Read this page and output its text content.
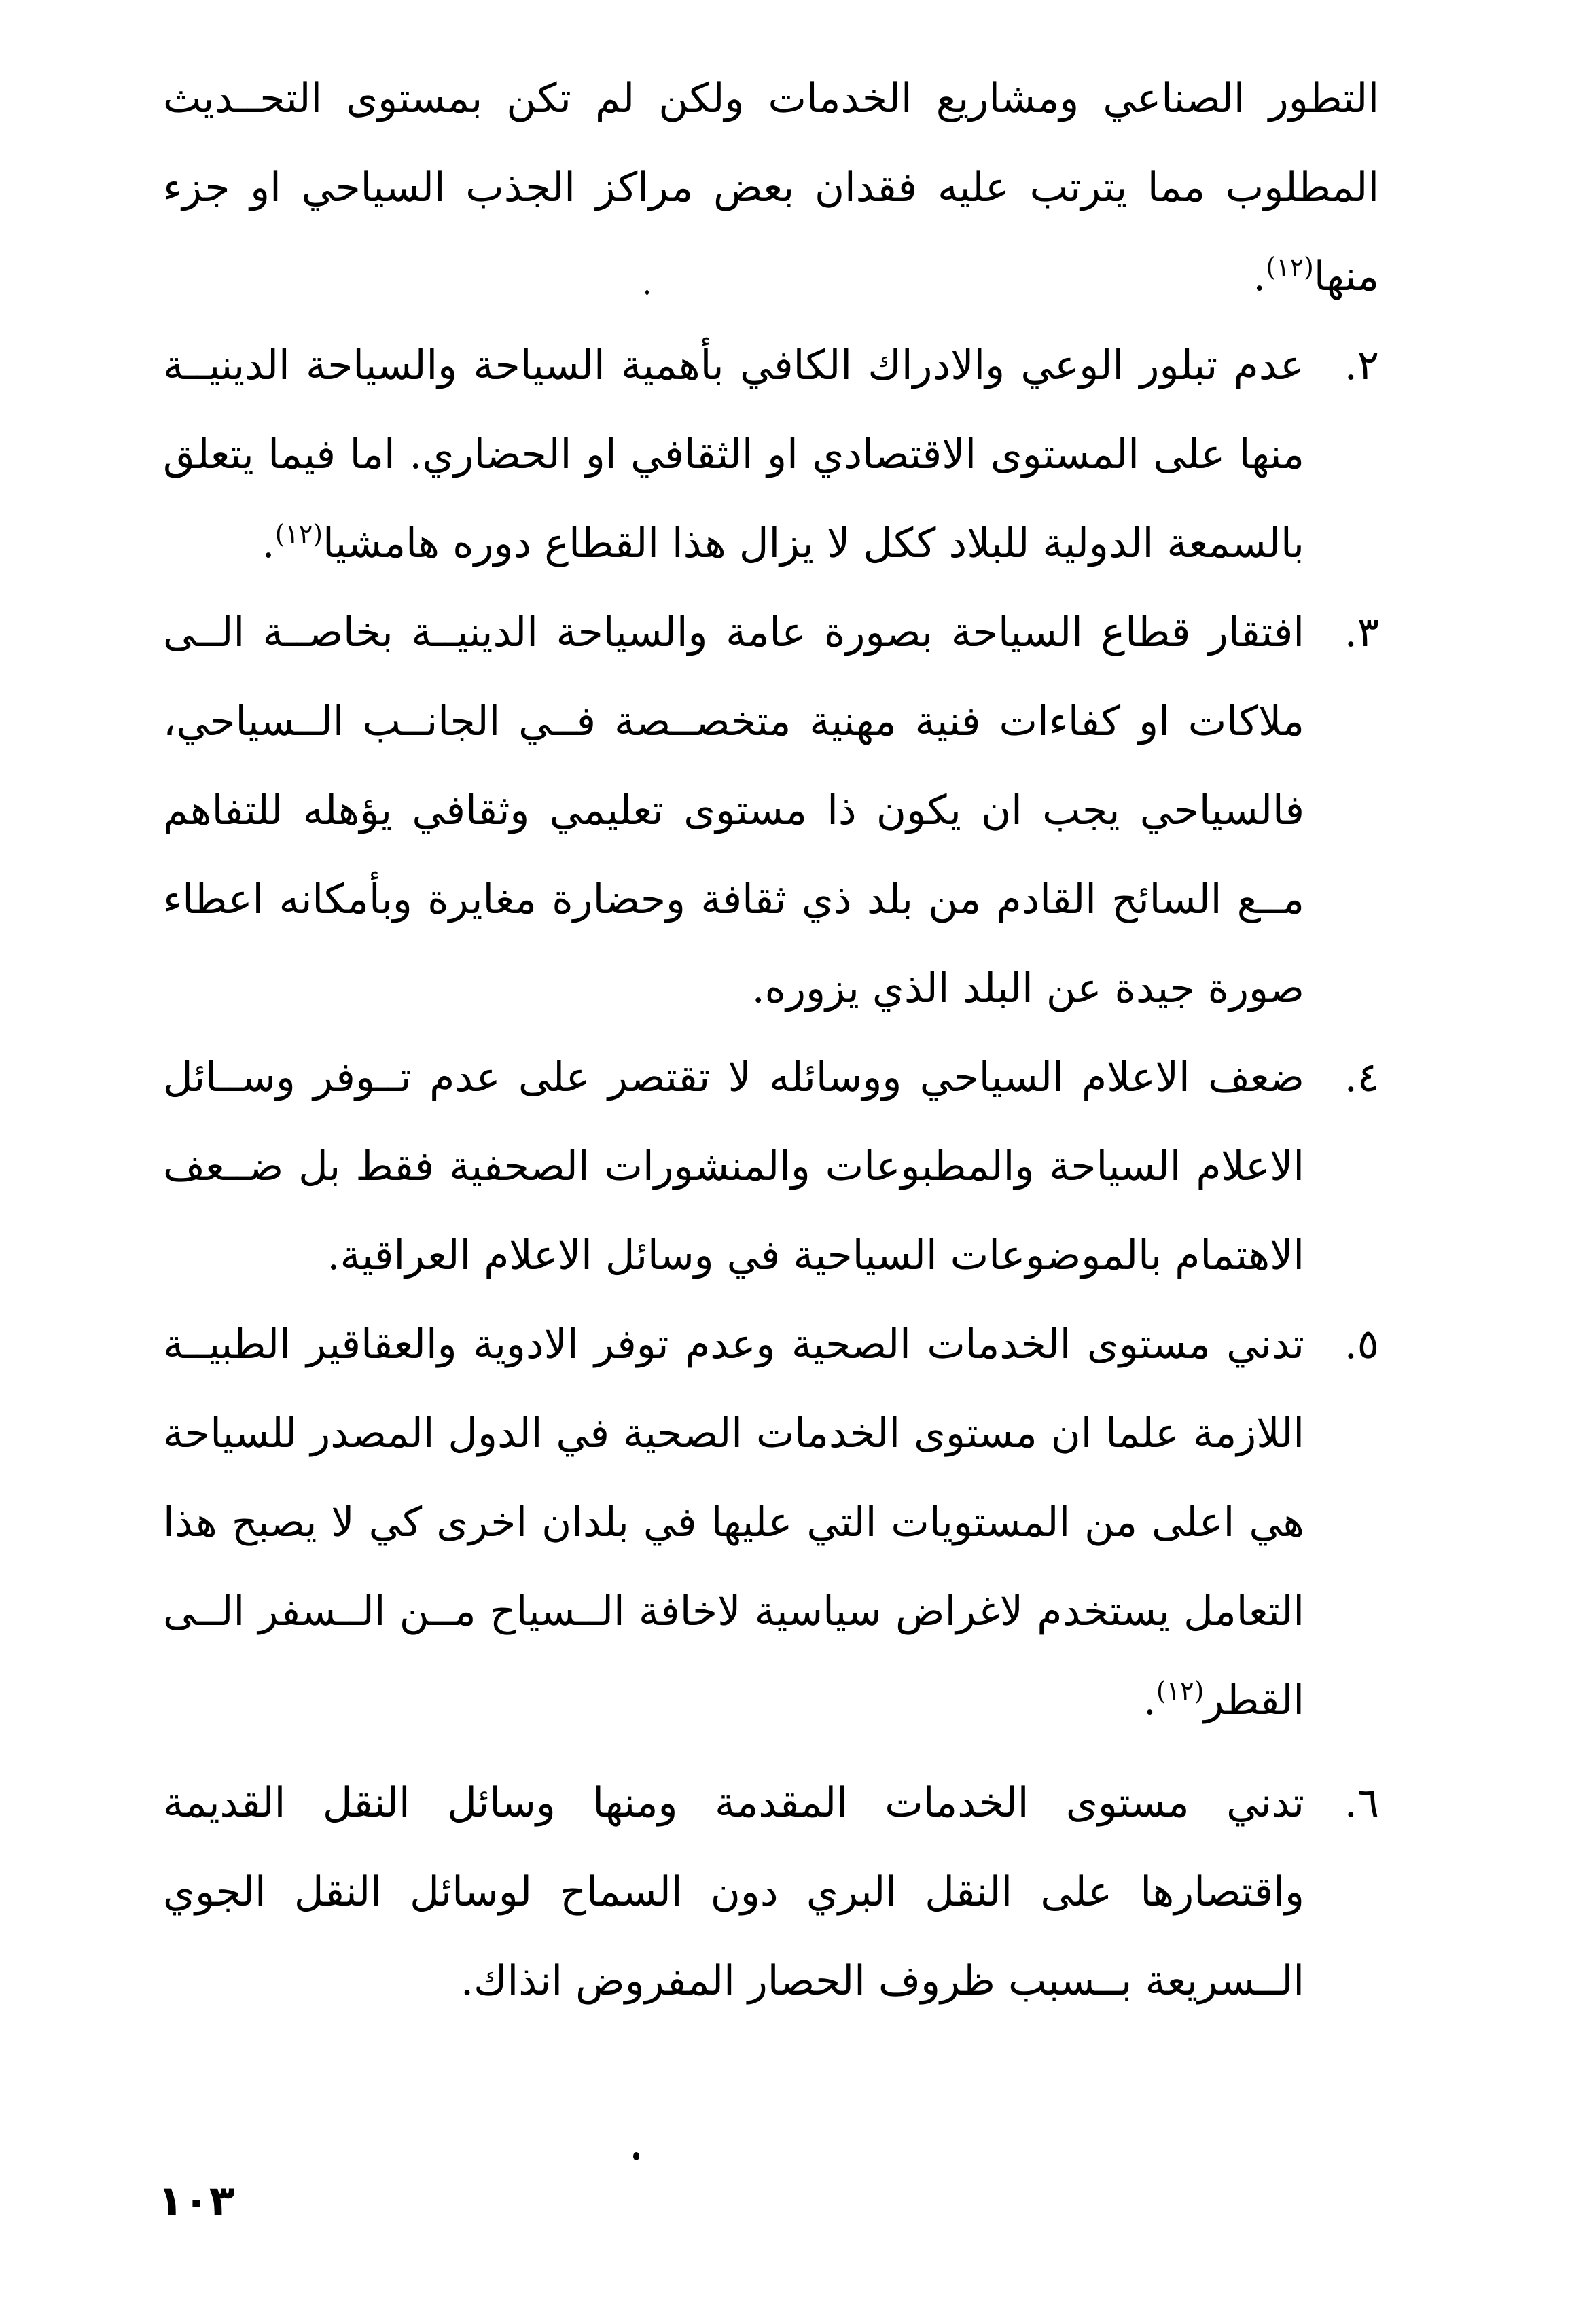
التطور الصناعي ومشاريع الخدمات ولكن لم تكن بمستوى التحــديث المطلوب مما يترتب عليه فقدان بعض مراكز الجذب السياحي او جزء منها$^{(١٢)}$.

٢.
عدم تبلور الوعي والادراك الكافي بأهمية السياحة والسياحة الدينيــة منها على المستوى الاقتصادي او الثقافي او الحضاري. اما فيما يتعلق بالسمعة الدولية للبلاد ككل لا يزال هذا القطاع دوره هامشيا$^{(١٢)}$.
٣.
افتقار قطاع السياحة بصورة عامة والسياحة الدينيــة بخاصــة الــى ملاكات او كفاءات فنية مهنية متخصــصة فــي الجانــب الــسياحي، فالسياحي يجب ان يكون ذا مستوى تعليمي وثقافي يؤهله للتفاهم مــع السائح القادم من بلد ذي ثقافة وحضارة مغايرة وبأمكانه اعطاء صورة جيدة عن البلد الذي يزوره.
٤.
ضعف الاعلام السياحي ووسائله لا تقتصر على عدم تــوفر وســائل الاعلام السياحة والمطبوعات والمنشورات الصحفية فقط بل ضــعف الاهتمام بالموضوعات السياحية في وسائل الاعلام العراقية.
٥.
تدني مستوى الخدمات الصحية وعدم توفر الادوية والعقاقير الطبيــة اللازمة علما ان مستوى الخدمات الصحية في الدول المصدر للسياحة هي اعلى من المستويات التي عليها في بلدان اخرى كي لا يصبح هذا التعامل يستخدم لاغراض سياسية لاخافة الــسياح مــن الــسفر الــى القطر$^{(١٢)}$.
٦.
تدني مستوى الخدمات المقدمة ومنها وسائل النقل القديمة واقتصارها على النقل البري دون السماح لوسائل النقل الجوي الــسريعة بــسبب ظروف الحصار المفروض انذاك.
١٠٣
